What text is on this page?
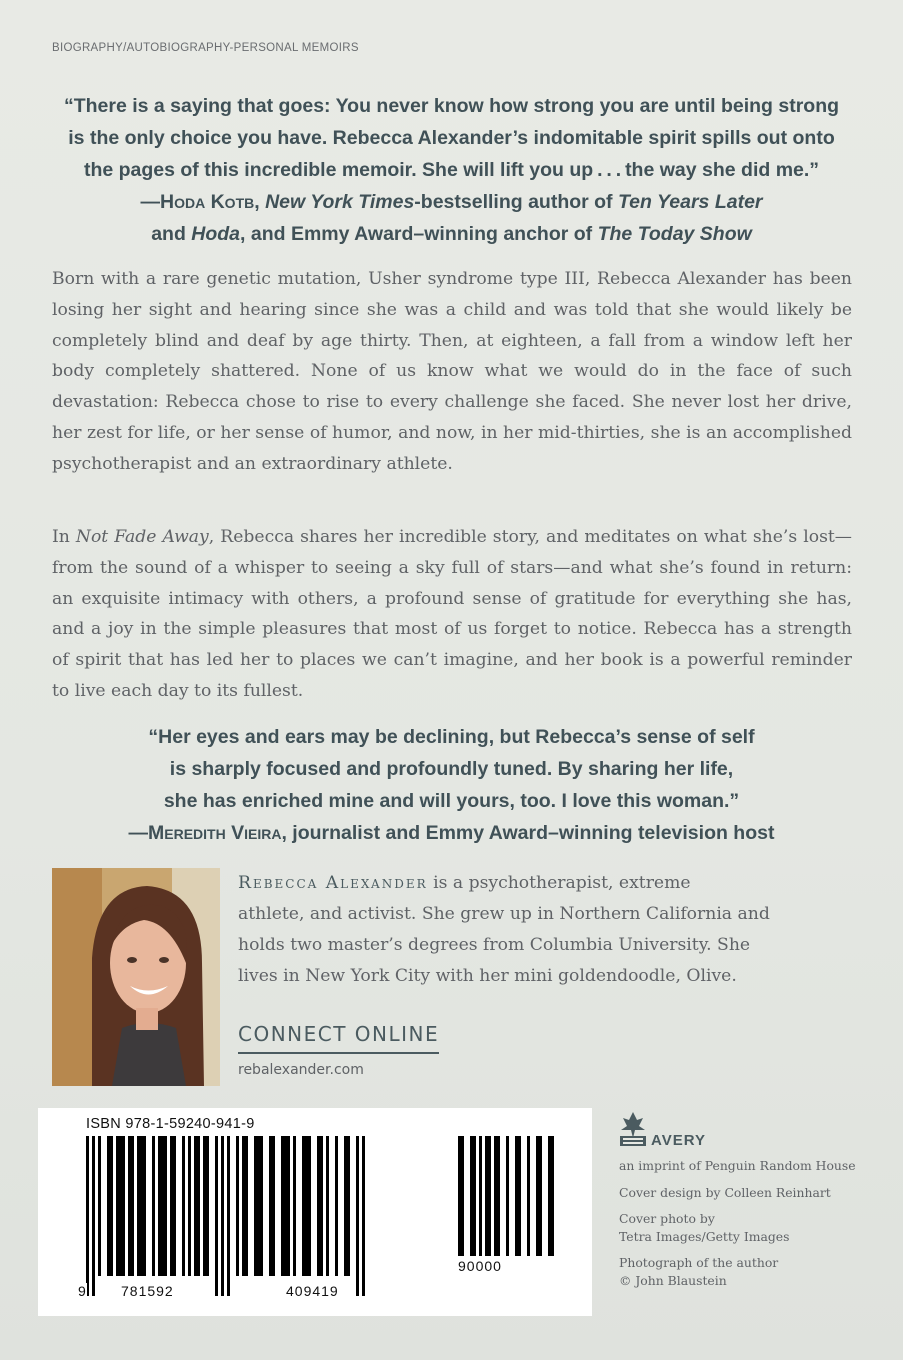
BIOGRAPHY/AUTOBIOGRAPHY-PERSONAL MEMOIRS
“There is a saying that goes: You never know how strong you are until being strong
is the only choice you have. Rebecca Alexander’s indomitable spirit spills out onto
the pages of this incredible memoir. She will lift you up . . . the way she did me.”
—Hoda Kotb, New York Times-bestselling author of Ten Years Later
and Hoda, and Emmy Award–winning anchor of The Today Show

Born with a rare genetic mutation, Usher syndrome type III, Rebecca Alexander has been losing her sight and hearing since she was a child and was told that she would likely be completely blind and deaf by age thirty. Then, at eighteen, a fall from a window left her body completely shattered. None of us know what we would do in the face of such devastation: Rebecca chose to rise to every challenge she faced. She never lost her drive, her zest for life, or her sense of humor, and now, in her mid-thirties, she is an accomplished psychotherapist and an extraordinary athlete.

In Not Fade Away, Rebecca shares her incredible story, and meditates on what she’s lost—from the sound of a whisper to seeing a sky full of stars—and what she’s found in return: an exquisite intimacy with others, a profound sense of gratitude for everything she has, and a joy in the simple pleasures that most of us forget to notice. Rebecca has a strength of spirit that has led her to places we can’t imagine, and her book is a powerful reminder to live each day to its fullest.

“Her eyes and ears may be declining, but Rebecca’s sense of self
is sharply focused and profoundly tuned. By sharing her life,
she has enriched mine and will yours, too. I love this woman.”
—Meredith Vieira, journalist and Emmy Award–winning television host
Rebecca Alexander is a psychotherapist, extreme
athlete, and activist. She grew up in Northern California and
holds two master’s degrees from Columbia University. She
lives in New York City with her mini goldendoodle, Olive.
CONNECT ONLINE
rebalexander.com
ISBN 978-1-59240-941-9
9 781592	409419
90000
AVERY
an imprint of Penguin Random House
Cover design by Colleen Reinhart
Cover photo by
Tetra Images/Getty Images
Photograph of the author
© John Blaustein
